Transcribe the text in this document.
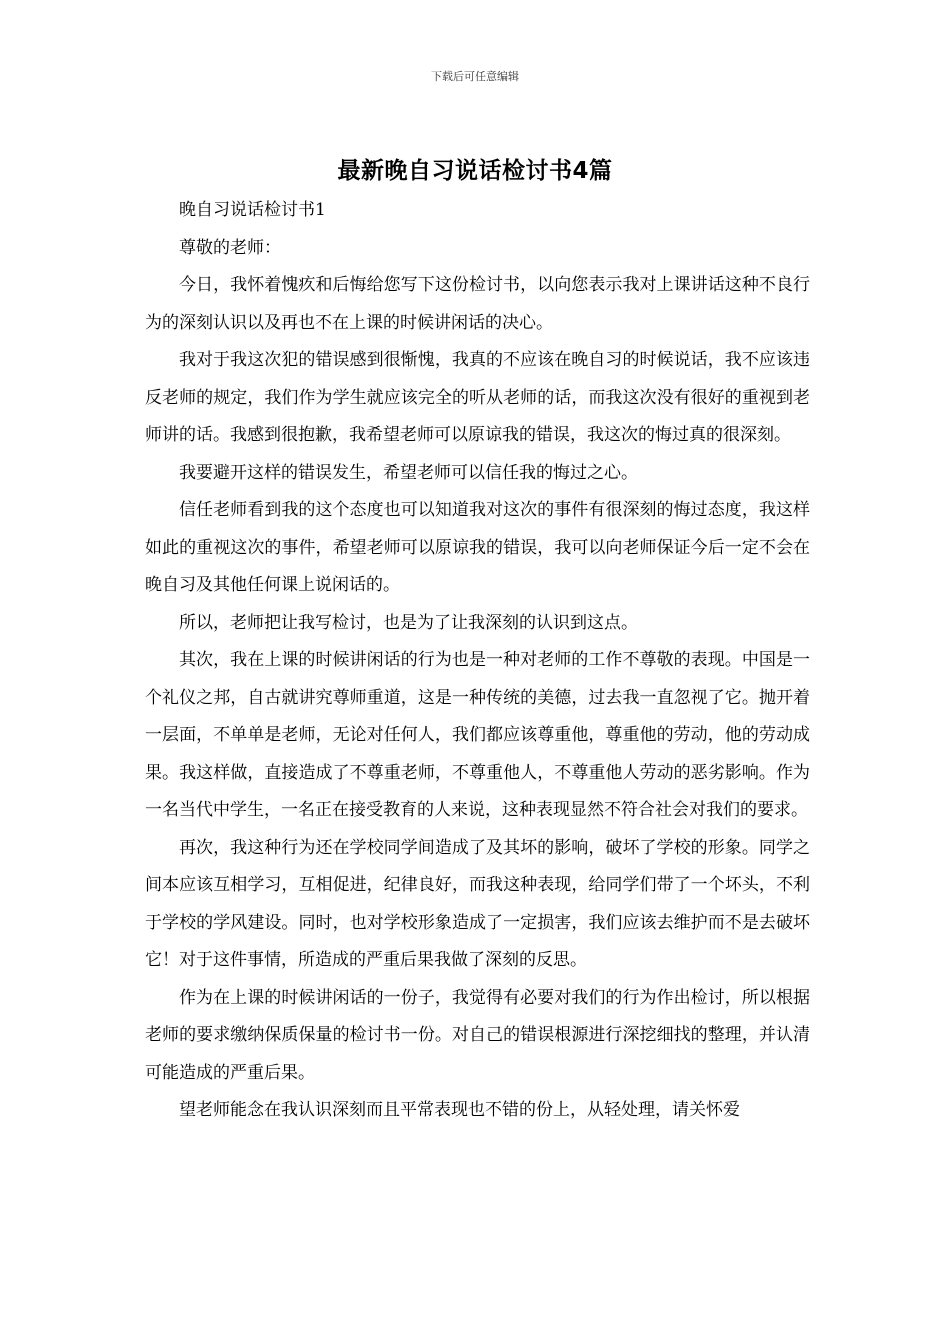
下载后可任意编辑
最新晚自习说话检讨书4篇

晚自习说话检讨书1

尊敬的老师：

今日，我怀着愧疚和后悔给您写下这份检讨书，以向您表示我对上课讲话这种不良行为的深刻认识以及再也不在上课的时候讲闲话的决心。

我对于我这次犯的错误感到很惭愧，我真的不应该在晚自习的时候说话，我不应该违反老师的规定，我们作为学生就应该完全的听从老师的话，而我这次没有很好的重视到老师讲的话。我感到很抱歉，我希望老师可以原谅我的错误，我这次的悔过真的很深刻。

我要避开这样的错误发生，希望老师可以信任我的悔过之心。

信任老师看到我的这个态度也可以知道我对这次的事件有很深刻的悔过态度，我这样如此的重视这次的事件，希望老师可以原谅我的错误，我可以向老师保证今后一定不会在晚自习及其他任何课上说闲话的。

所以，老师把让我写检讨，也是为了让我深刻的认识到这点。

其次，我在上课的时候讲闲话的行为也是一种对老师的工作不尊敬的表现。中国是一个礼仪之邦，自古就讲究尊师重道，这是一种传统的美德，过去我一直忽视了它。抛开着一层面，不单单是老师，无论对任何人，我们都应该尊重他，尊重他的劳动，他的劳动成果。我这样做，直接造成了不尊重老师，不尊重他人，不尊重他人劳动的恶劣影响。作为一名当代中学生，一名正在接受教育的人来说，这种表现显然不符合社会对我们的要求。

再次，我这种行为还在学校同学间造成了及其坏的影响，破坏了学校的形象。同学之间本应该互相学习，互相促进，纪律良好，而我这种表现，给同学们带了一个坏头，不利于学校的学风建设。同时，也对学校形象造成了一定损害，我们应该去维护而不是去破坏它！对于这件事情，所造成的严重后果我做了深刻的反思。

作为在上课的时候讲闲话的一份子，我觉得有必要对我们的行为作出检讨，所以根据老师的要求缴纳保质保量的检讨书一份。对自己的错误根源进行深挖细找的整理，并认清可能造成的严重后果。

望老师能念在我认识深刻而且平常表现也不错的份上，从轻处理，请关怀爱
